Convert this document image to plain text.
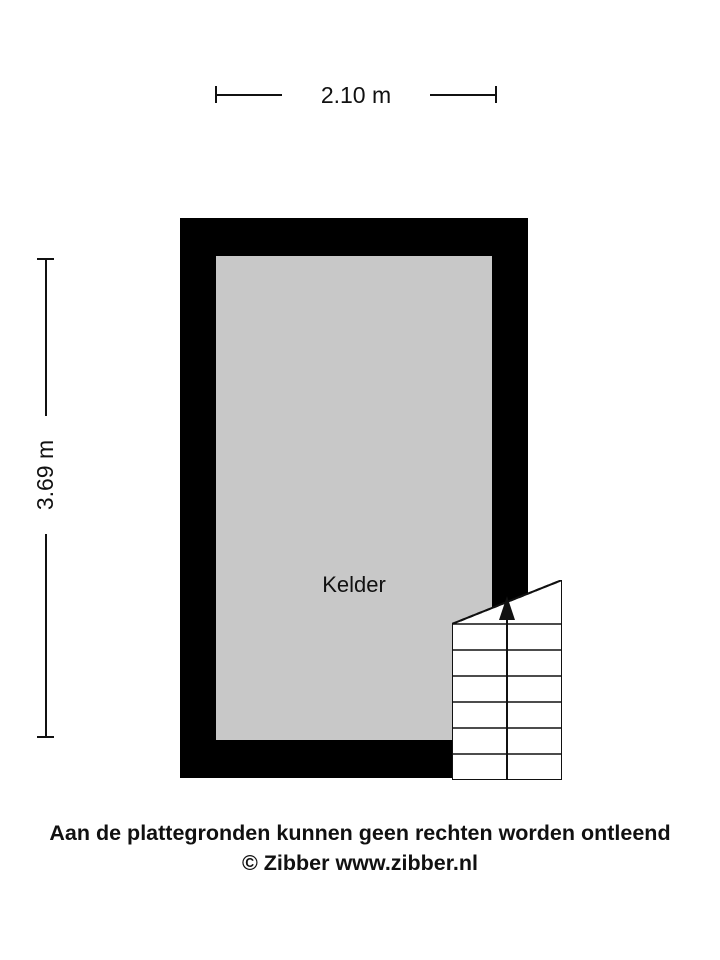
2.10 m
3.69 m
Kelder
Aan de plattegronden kunnen geen rechten worden ontleend
© Zibber www.zibber.nl
